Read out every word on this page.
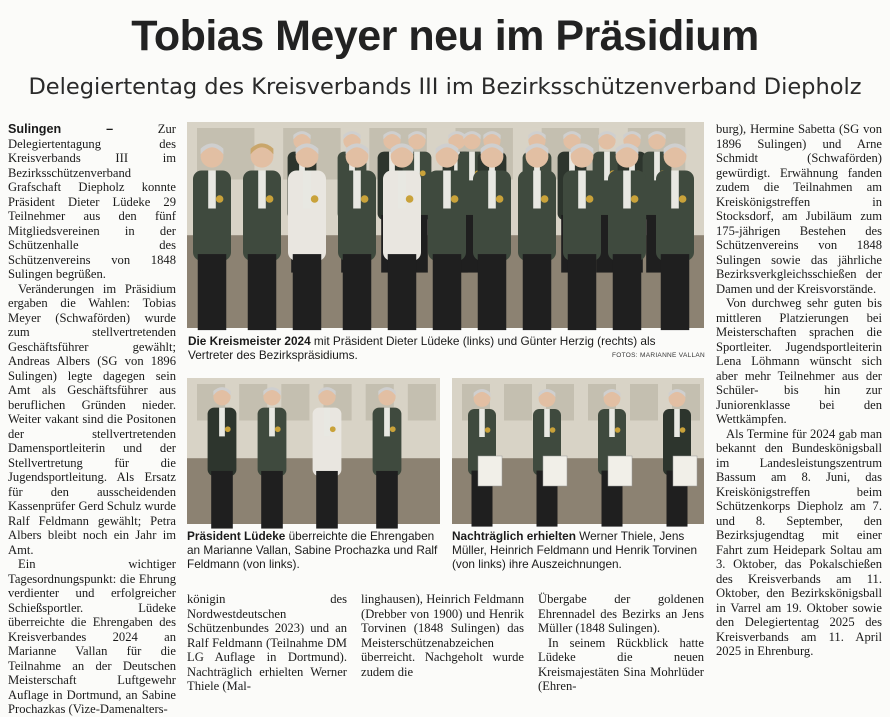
Tobias Meyer neu im Präsidium
Delegiertentag des Kreisverbands III im Bezirksschützenverband Diepholz

Sulingen – Zur Delegiertentagung des Kreisverbands III im Bezirksschützenverband Grafschaft Diepholz konnte Präsident Dieter Lüdeke 29 Teilnehmer aus den fünf Mitgliedsvereinen in der Schützenhalle des Schützenvereins von 1848 Sulingen begrüßen.

Veränderungen im Präsidium ergaben die Wahlen: Tobias Meyer (Schwaförden) wurde zum stellvertretenden Geschäftsführer gewählt; Andreas Albers (SG von 1896 Sulingen) legte dagegen sein Amt als Geschäftsführer aus beruflichen Gründen nieder. Weiter vakant sind die Positonen der stellvertretenden Damensportleiterin und der Stellvertretung für die Jugendsportleitung. Als Ersatz für den ausscheidenden Kassenprüfer Gerd Schulz wurde Ralf Feldmann gewählt; Petra Albers bleibt noch ein Jahr im Amt.

Ein wichtiger Tagesordnungspunkt: die Ehrung verdienter und erfolgreicher Schießsportler. Lüdeke überreichte die Ehrengaben des Kreisverbandes 2024 an Marianne Vallan für die Teilnahme an der Deutschen Meisterschaft Luftgewehr Auflage in Dortmund, an Sabine Prochazkas (Vize-Damenalters-

Die Kreismeister 2024 mit Präsident Dieter Lüdeke (links) und Günter Herzig (rechts) als Vertreter des Bezirkspräsidiums.	FOTOS: MARIANNE VALLAN
Präsident Lüdeke überreichte die Ehrengaben an Marianne Vallan, Sabine Prochazka und Ralf Feldmann (von links).
Nachträglich erhielten Werner Thiele, Jens Müller, Heinrich Feldmann und Henrik Torvinen (von links) ihre Auszeichnungen.

königin des Nordwestdeutschen Schützenbundes 2023) und an Ralf Feldmann (Teilnahme DM LG Auflage in Dortmund). Nachträglich erhielten Werner Thiele (Mal-

linghausen), Heinrich Feldmann (Drebber von 1900) und Henrik Torvinen (1848 Sulingen) das Meisterschützenabzeichen überreicht. Nachgeholt wurde zudem die

Übergabe der goldenen Ehrennadel des Bezirks an Jens Müller (1848 Sulingen).

In seinem Rückblick hatte Lüdeke die neuen Kreismajestäten Sina Mohrlüder (Ehren-

burg), Hermine Sabetta (SG von 1896 Sulingen) und Arne Schmidt (Schwaförden) gewürdigt. Erwähnung fanden zudem die Teilnahmen am Kreiskönigstreffen in Stocksdorf, am Jubiläum zum 175-jährigen Bestehen des Schützenvereins von 1848 Sulingen sowie das jährliche Bezirksverkgleichsschießen der Damen und der Kreisvorstände.

Von durchweg sehr guten bis mittleren Platzierungen bei Meisterschaften sprachen die Sportleiter. Jugendsportleiterin Lena Löhmann wünscht sich aber mehr Teilnehmer aus der Schüler- bis hin zur Juniorenklasse bei den Wettkämpfen.

Als Termine für 2024 gab man bekannt den Bundeskönigsball im Landesleistungszentrum Bassum am 8. Juni, das Kreiskönigstreffen beim Schützenkorps Diepholz am 7. und 8. September, den Bezirksjugendtag mit einer Fahrt zum Heidepark Soltau am 3. Oktober, das Pokalschießen des Kreisverbands am 11. Oktober, den Bezirkskönigsball in Varrel am 19. Oktober sowie den Delegiertentag 2025 des Kreisverbands am 11. April 2025 in Ehrenburg.
